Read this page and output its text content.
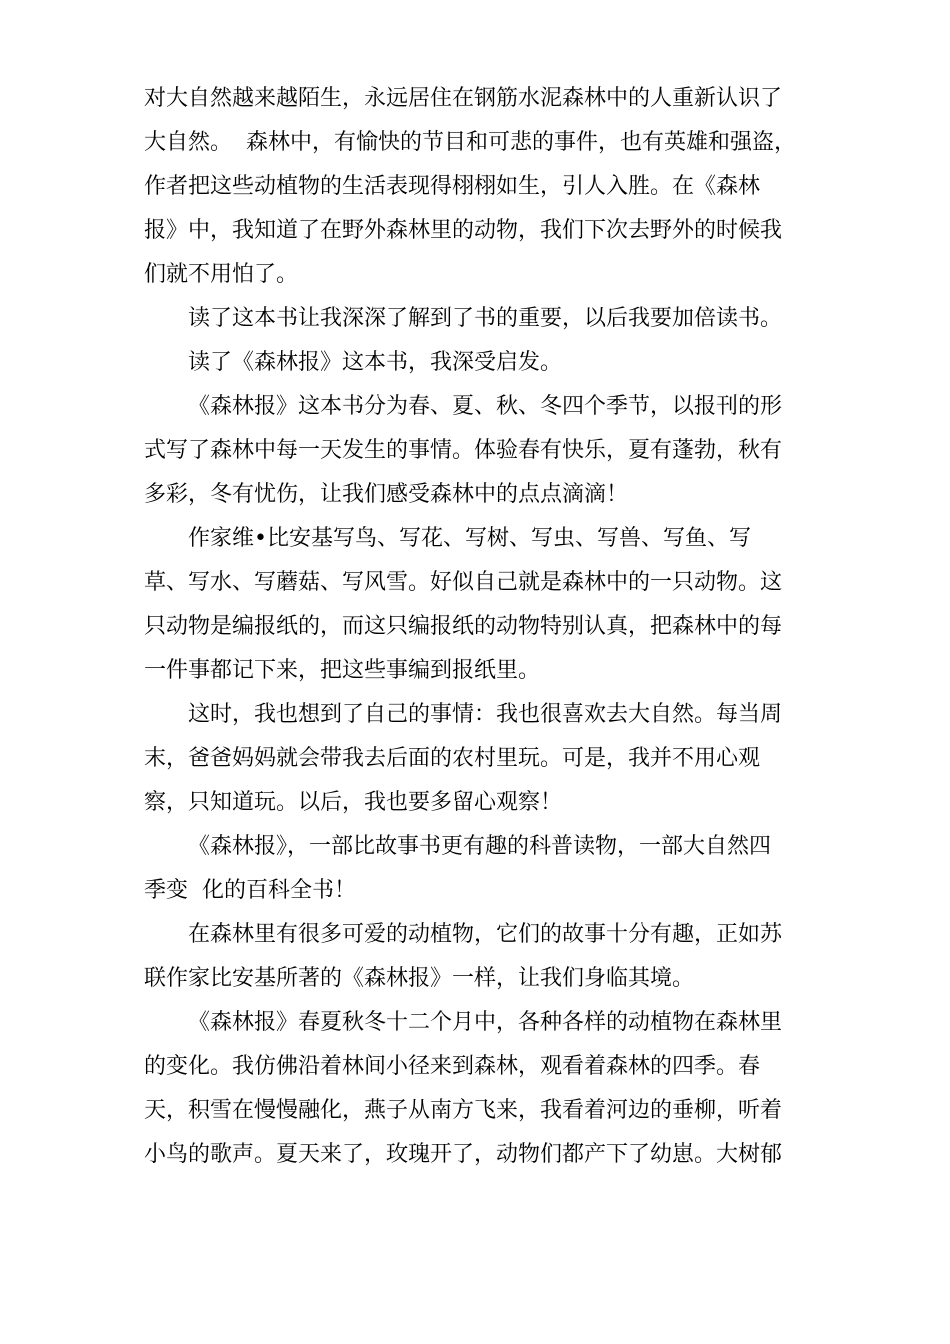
对大自然越来越陌生，永远居住在钢筋水泥森林中的人重新认识了
大自然。  森林中，有愉快的节目和可悲的事件，也有英雄和强盗，
作者把这些动植物的生活表现得栩栩如生，引人入胜。在《森林
报》中，我知道了在野外森林里的动物，我们下次去野外的时候我
们就不用怕了。
读了这本书让我深深了解到了书的重要，以后我要加倍读书。
读了《森林报》这本书，我深受启发。
《森林报》这本书分为春、夏、秋、冬四个季节，以报刊的形
式写了森林中每一天发生的事情。体验春有快乐，夏有蓬勃，秋有
多彩，冬有忧伤，让我们感受森林中的点点滴滴！
作家维•比安基写鸟、写花、写树、写虫、写兽、写鱼、写
草、写水、写蘑菇、写风雪。好似自己就是森林中的一只动物。这
只动物是编报纸的，而这只编报纸的动物特别认真，把森林中的每
一件事都记下来，把这些事编到报纸里。
这时，我也想到了自己的事情：我也很喜欢去大自然。每当周
末，爸爸妈妈就会带我去后面的农村里玩。可是，我并不用心观
察，只知道玩。以后，我也要多留心观察！
《森林报》，一部比故事书更有趣的科普读物，一部大自然四
季变  化的百科全书！
在森林里有很多可爱的动植物，它们的故事十分有趣，正如苏
联作家比安基所著的《森林报》一样，让我们身临其境。
《森林报》春夏秋冬十二个月中，各种各样的动植物在森林里
的变化。我仿佛沿着林间小径来到森林，观看着森林的四季。春
天，积雪在慢慢融化，燕子从南方飞来，我看着河边的垂柳，听着
小鸟的歌声。夏天来了，玫瑰开了，动物们都产下了幼崽。大树郁
